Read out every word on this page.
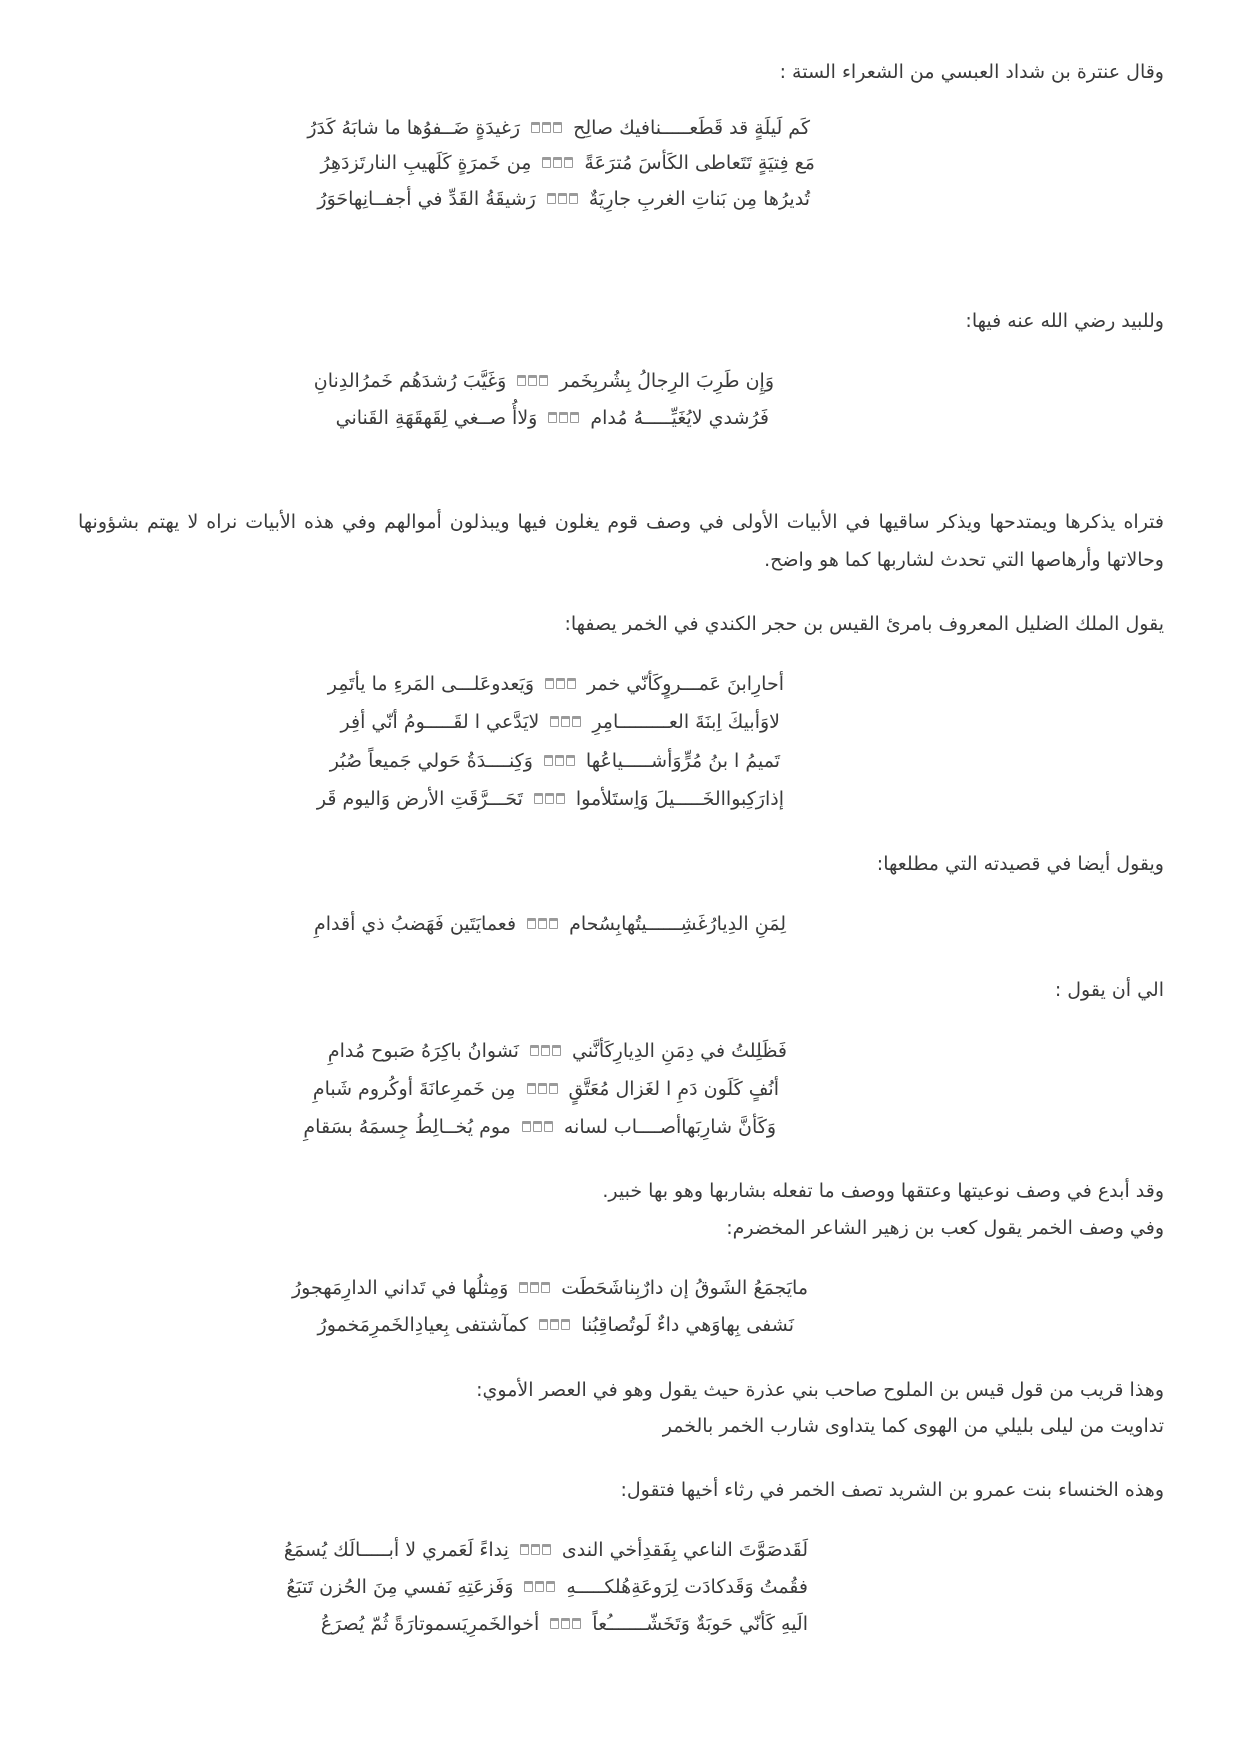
وقال عنترة بن شداد العبسي من الشعراء الستة :
كَم لَيلَةٍ قد قَطَعـــــنافيك صالِحرَغيدَةٍ ضَــفوُها ما شابَهُ كَدَرُ
مَع فِتيَةٍ تَتَعاطى الكَأسَ مُترَعَةًمِن خَمرَةٍ كَلَهيبِ النارتَزدَهِرُ
تُديرُها مِن بَناتِ الغربِ جارِيَةٌرَشيقَةُ القَدِّ في أجفــانِهاحَوَرُ
وللبيد رضي الله عنه فيها:
وَإِن طَرِبَ الرِجالُ بِشُربِخَمروَغَيَّبَ رُشدَهُم خَمرُالدِنانِ
فَرُشدي لايُغَيِّـــــهُ مُداموَلاأُ صــغي لِقَهقَهَةِ القَناني
فتراه يذكرها ويمتدحها ويذكر ساقيها في الأبيات الأولى في وصف قوم يغلون فيها ويبذلون أموالهم وفي هذه الأبيات نراه لا يهتم بشؤونها وحالاتها وأرهاصها التي تحدث لشاربها كما هو واضح.
يقول الملك الضليل المعروف بامرئ القيس بن حجر الكندي في الخمر يصفها:
أحارِابنَ عَمـــروٍكَأنّي خمروَيَعدوعَلـــى المَرءِ ما يأتَمِر
لاوَأبيكَ اِبنَةَ العـــــــــامِرِلايَدَّعي ا لقَـــــومُ أنّي أفِر
تَميمُ ا بنُ مُرٍّوَأشـــــياعُهاوَكِنــــدَةُ حَولي جَميعاً صُبُر
إذارَكِبواالخَـــــيلَ وَاِستَلأمواتَحَـــرَّقَتِ الأرض وَاليوم قَر
ويقول أيضا في قصيدته التي مطلعها:
لِمَنِ الدِيارُغَشِــــــيتُهابِسُحامفعمايَتَين فَهَضبُ ذي أقدامِ
الي أن يقول :
فَظَلِلتُ في دِمَنِ الدِيارِكَأنَّنينَشوانُ باكِرَهُ صَبوح مُدامِ
أنُفٍ كَلَون دَمِ ا لغَزال مُعَتَّقٍمِن خَمرِعانَةَ أوكُروم شَبامِ
وَكَأنَّ شارِبَهاأصــــاب لسانهموم يُخــالِطُ جِسمَهُ بسَقامِ
وقد أبدع في وصف نوعيتها وعتقها ووصف ما تفعله بشاربها وهو بها خبير.
وفي وصف الخمر يقول كعب بن زهير الشاعر المخضرم:
مايَجمَعُ الشَوقُ إن دارٌبِناشَحَطَتوَمِثلُها في تَداني الدارِمَهجورُ
نَشفى بِهاوَهي داءٌ لَوتُصاقِبُناكمآشتفى بِعيادِالخَمرِمَخمورُ
وهذا قريب من قول قيس بن الملوح صاحب بني عذرة حيث يقول وهو في العصر الأموي:
تداويت من ليلى بليلي من الهوى كما يتداوى شارب الخمر بالخمر
وهذه الخنساء بنت عمرو بن الشريد تصف الخمر في رثاء أخيها فتقول:
لَقَدصَوَّتَ الناعي بِفَقدِأخي الندىنِداءً لَعَمري لا أبـــــالَك يُسمَعُ
فقُمتُ وَقَدكادَت لِرَوعَةِهُلكـــــهِوَفَزعَتِهِ نَفسي مِنَ الحُزن تَتبَعُ
الَيهِ كَأنّي حَوبَةٌ وَتَخَشّـــــــُعاًأخوالخَمرِيَسموتارَةً ثُمّ يُصرَعُ
